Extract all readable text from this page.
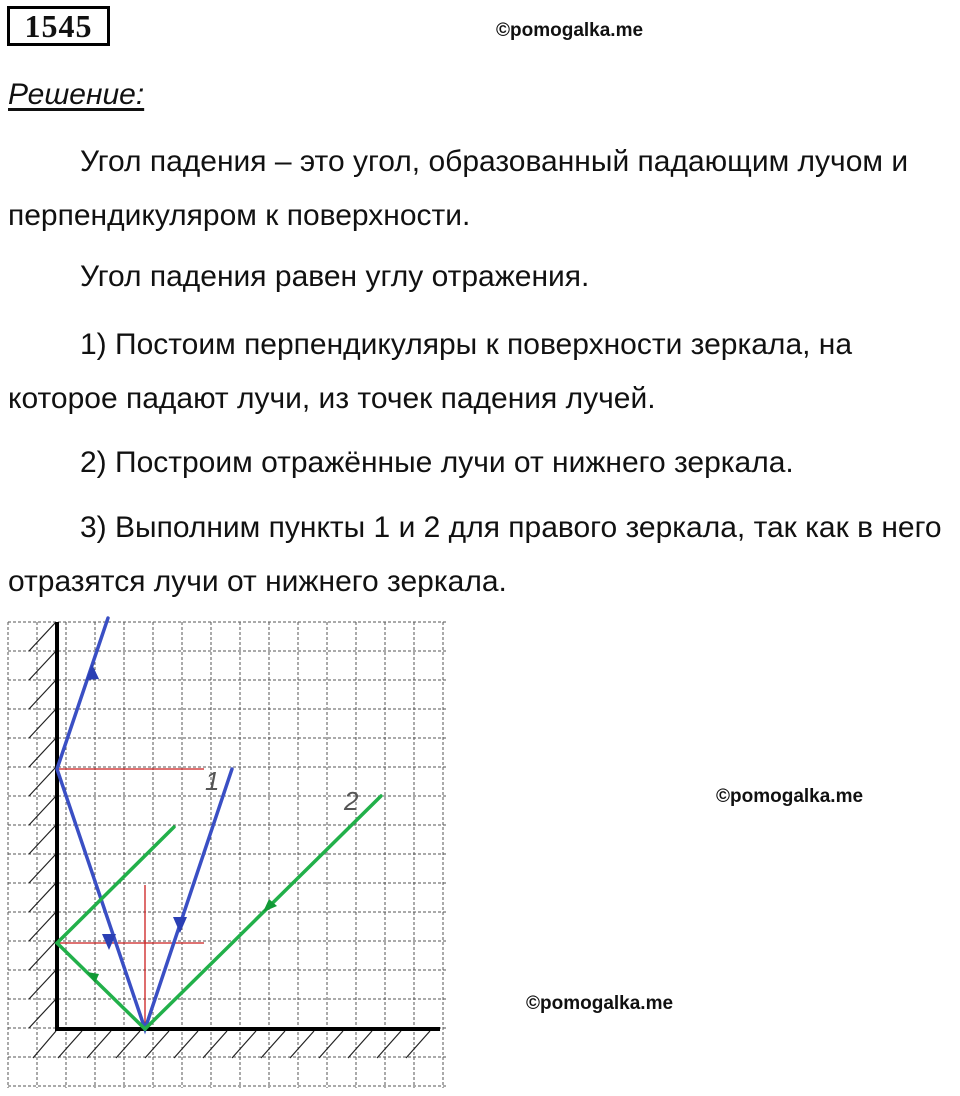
1545	©pomogalka.me
Решение:

Угол падения – это угол, образованный падающим лучом и перпендикуляром к поверхности.

Угол падения равен углу отражения.

1) Постоим перпендикуляры к поверхности зеркала, на которое падают лучи, из точек падения лучей.

2) Построим отражённые лучи от нижнего зеркала.

3) Выполним пункты 1 и 2 для правого зеркала, так как в него отразятся лучи от нижнего зеркала.

1
2	©pomogalka.me
©pomogalka.me
